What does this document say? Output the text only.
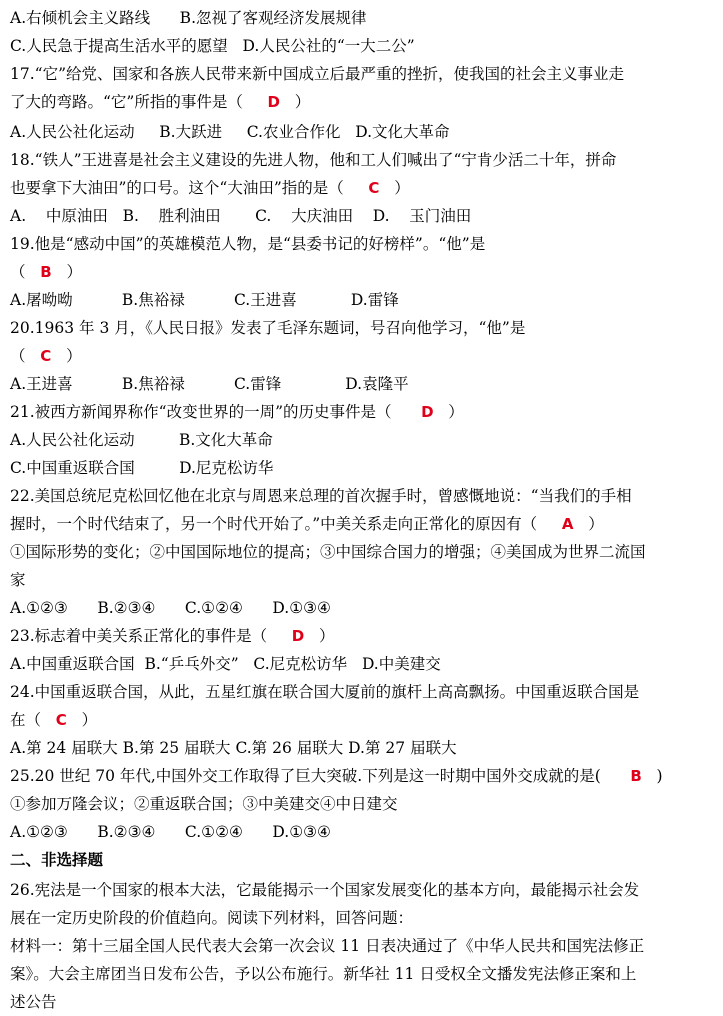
A.右倾机会主义路线      B.忽视了客观经济发展规律
C.人民急于提高生活水平的愿望   D.人民公社的“一大二公”
17.“它”给党、国家和各族人民带来新中国成立后最严重的挫折，使我国的社会主义事业走
了大的弯路。“它”所指的事件是（     D   ）
A.人民公社化运动     B.大跃进     C.农业合作化   D.文化大革命
18.“铁人”王进喜是社会主义建设的先进人物，他和工人们喊出了“宁肯少活二十年，拼命
也要拿下大油田”的口号。这个“大油田”指的是（     C   ）
A.    中原油田   B.    胜利油田       C.    大庆油田    D.    玉门油田
19.他是“感动中国”的英雄模范人物，是“县委书记的好榜样”。“他”是
（   B   ）
A.屠呦呦          B.焦裕禄          C.王进喜           D.雷锋
20.1963 年 3 月，《人民日报》发表了毛泽东题词，号召向他学习，“他”是
（   C   ）
A.王进喜          B.焦裕禄          C.雷锋             D.袁隆平
21.被西方新闻界称作“改变世界的一周”的历史事件是（      D   ）
A.人民公社化运动         B.文化大革命
C.中国重返联合国         D.尼克松访华
22.美国总统尼克松回忆他在北京与周恩来总理的首次握手时，曾感慨地说：“当我们的手相
握时，一个时代结束了，另一个时代开始了。”中美关系走向正常化的原因有（     A   ）
①国际形势的变化；②中国国际地位的提高；③中国综合国力的增强；④美国成为世界二流国
家
A.①②③      B.②③④      C.①②④      D.①③④
23.标志着中美关系正常化的事件是（     D   ）
A.中国重返联合国  B.“乒乓外交”   C.尼克松访华   D.中美建交
24.中国重返联合国，从此，五星红旗在联合国大厦前的旗杆上高高飘扬。中国重返联合国是
在（   C   ）
A.第 24 届联大 B.第 25 届联大 C.第 26 届联大 D.第 27 届联大
25.20 世纪 70 年代,中国外交工作取得了巨大突破.下列是这一时期中国外交成就的是(      B   )
①参加万隆会议；②重返联合国；③中美建交④中日建交
A.①②③      B.②③④      C.①②④      D.①③④
二、非选择题
26.宪法是一个国家的根本大法，它最能揭示一个国家发展变化的基本方向，最能揭示社会发
展在一定历史阶段的价值趋向。阅读下列材料，回答问题：
材料一：第十三届全国人民代表大会第一次会议 11 日表决通过了《中华人民共和国宪法修正
案》。大会主席团当日发布公告，予以公布施行。新华社 11 日受权全文播发宪法修正案和上
述公告
